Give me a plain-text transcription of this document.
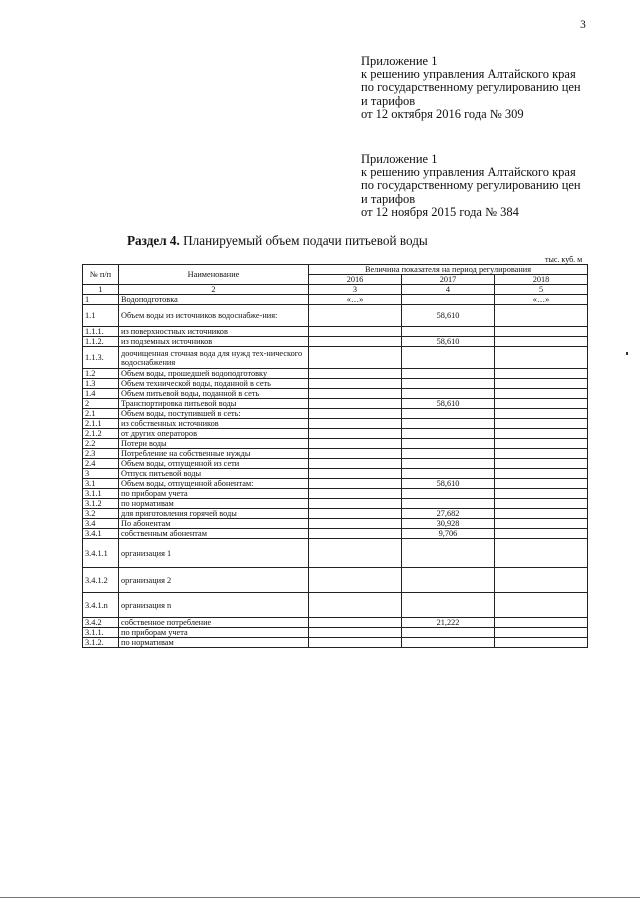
3
Приложение 1
к решению управления Алтайского края
по государственному регулированию цен
и тарифов
от 12 октября 2016 года № 309
Приложение 1
к решению управления Алтайского края
по государственному регулированию цен
и тарифов
от 12 ноября 2015 года № 384
Раздел 4. Планируемый объем подачи питьевой воды
тыс. куб. м
№ п/п	Наименование	Величина показателя на период регулирования		
		2016	2017	2018
1	2	3	4	5
1	Водоподготовка	«…»		«…»
1.1	Объем воды из источников водоснабже-ния:		58,610	
1.1.1.	из поверхностных источников			
1.1.2.	из подземных источников		58,610	
1.1.3.	доочищенная сточная вода для нужд тех-нического водоснабжения			
1.2	Объем воды, прошедшей водоподготовку			
1.3	Объем технической воды, поданной в сеть			
1.4	Объем питьевой воды, поданной в сеть			
2	Транспортировка питьевой воды		58,610	
2.1	Объем воды, поступившей в сеть:			
2.1.1	из собственных источников			
2.1.2	от других операторов			
2.2	Потери воды			
2.3	Потребление на собственные нужды			
2.4	Объем воды, отпущенной из сети			
3	Отпуск питьевой воды			
3.1	Объем воды, отпущенной абонентам:		58,610	
3.1.1	по приборам учета			
3.1.2	по нормативам			
3.2	для приготовления горячей воды		27,682	
3.4	По абонентам		30,928	
3.4.1	собственным абонентам		9,706	
3.4.1.1	организация 1			
3.4.1.2	организация 2			
3.4.1.n	организация n			
3.4.2	собственное потребление		21,222	
3.1.1.	по приборам учета			
3.1.2.	по нормативам			
